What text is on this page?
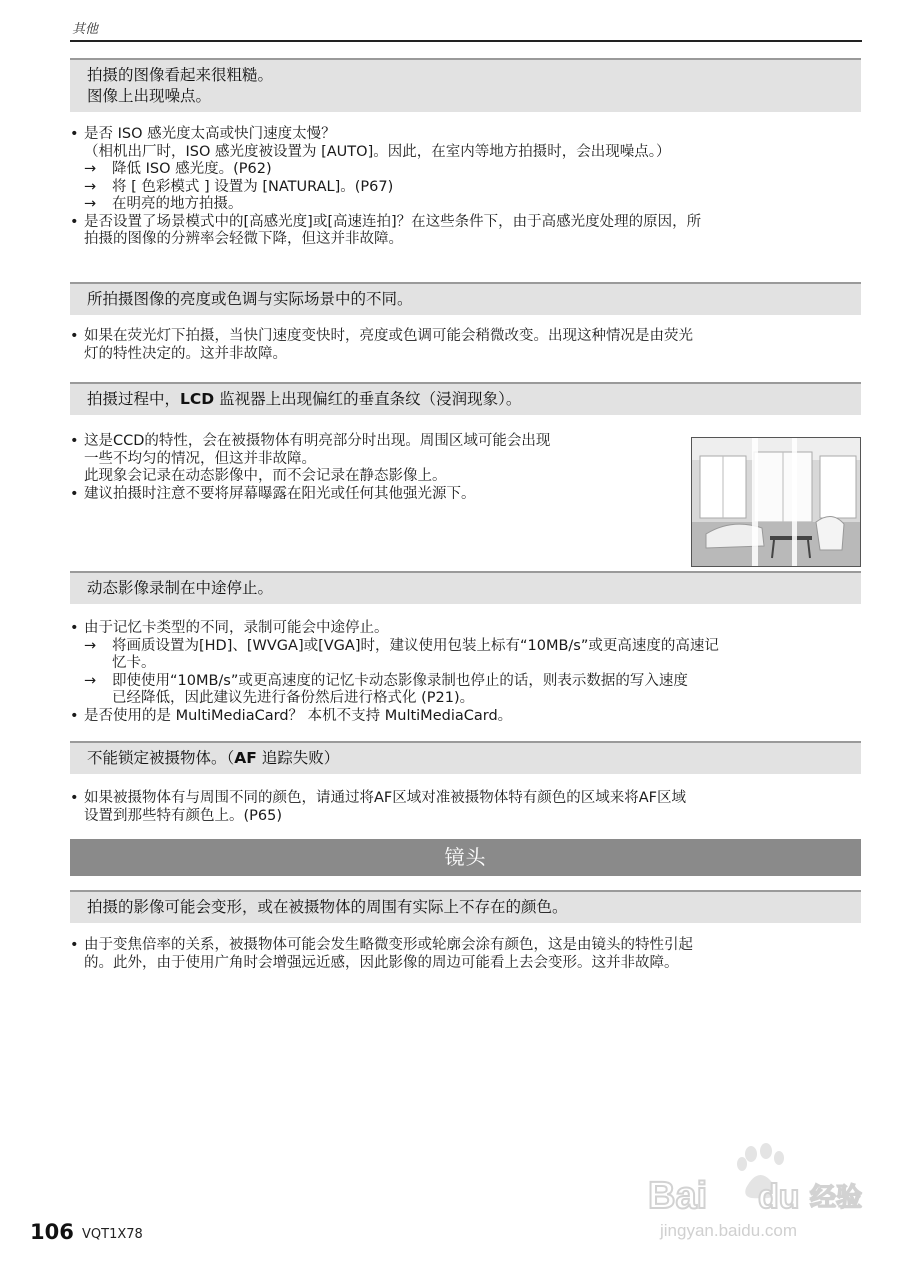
其他
拍摄的图像看起来很粗糙。
图像上出现噪点。
• 是否 ISO 感光度太高或快门速度太慢？
（相机出厂时，ISO 感光度被设置为 [AUTO]。因此，在室内等地方拍摄时，会出现噪点。）
→ 降低 ISO 感光度。(P62)
→ 将 [ 色彩模式 ] 设置为 [NATURAL]。(P67)
→ 在明亮的地方拍摄。
• 是否设置了场景模式中的[高感光度]或[高速连拍]？在这些条件下，由于高感光度处理的原因，所
拍摄的图像的分辨率会轻微下降，但这并非故障。
所拍摄图像的亮度或色调与实际场景中的不同。
• 如果在荧光灯下拍摄，当快门速度变快时，亮度或色调可能会稍微改变。出现这种情况是由荧光
灯的特性决定的。这并非故障。
拍摄过程中，LCD 监视器上出现偏红的垂直条纹（浸润现象）。
• 这是CCD的特性，会在被摄物体有明亮部分时出现。周围区域可能会出现
一些不均匀的情况，但这并非故障。
此现象会记录在动态影像中，而不会记录在静态影像上。
• 建议拍摄时注意不要将屏幕曝露在阳光或任何其他强光源下。
动态影像录制在中途停止。
• 由于记忆卡类型的不同，录制可能会中途停止。
→ 将画质设置为[HD]、[WVGA]或[VGA]时，建议使用包装上标有“10MB/s”或更高速度的高速记
忆卡。
→ 即使使用“10MB/s”或更高速度的记忆卡动态影像录制也停止的话，则表示数据的写入速度
已经降低，因此建议先进行备份然后进行格式化 (P21)。
• 是否使用的是 MultiMediaCard？ 本机不支持 MultiMediaCard。
不能锁定被摄物体。（AF 追踪失败）
• 如果被摄物体有与周围不同的颜色，请通过将AF区域对准被摄物体特有颜色的区域来将AF区域
设置到那些特有颜色上。(P65)
镜头
拍摄的影像可能会变形，或在被摄物体的周围有实际上不存在的颜色。
• 由于变焦倍率的关系，被摄物体可能会发生略微变形或轮廓会涂有颜色，这是由镜头的特性引起
的。此外，由于使用广角时会增强远近感，因此影像的周边可能看上去会变形。这并非故障。
106 VQT1X78
Bai du 经验
jingyan.baidu.com
